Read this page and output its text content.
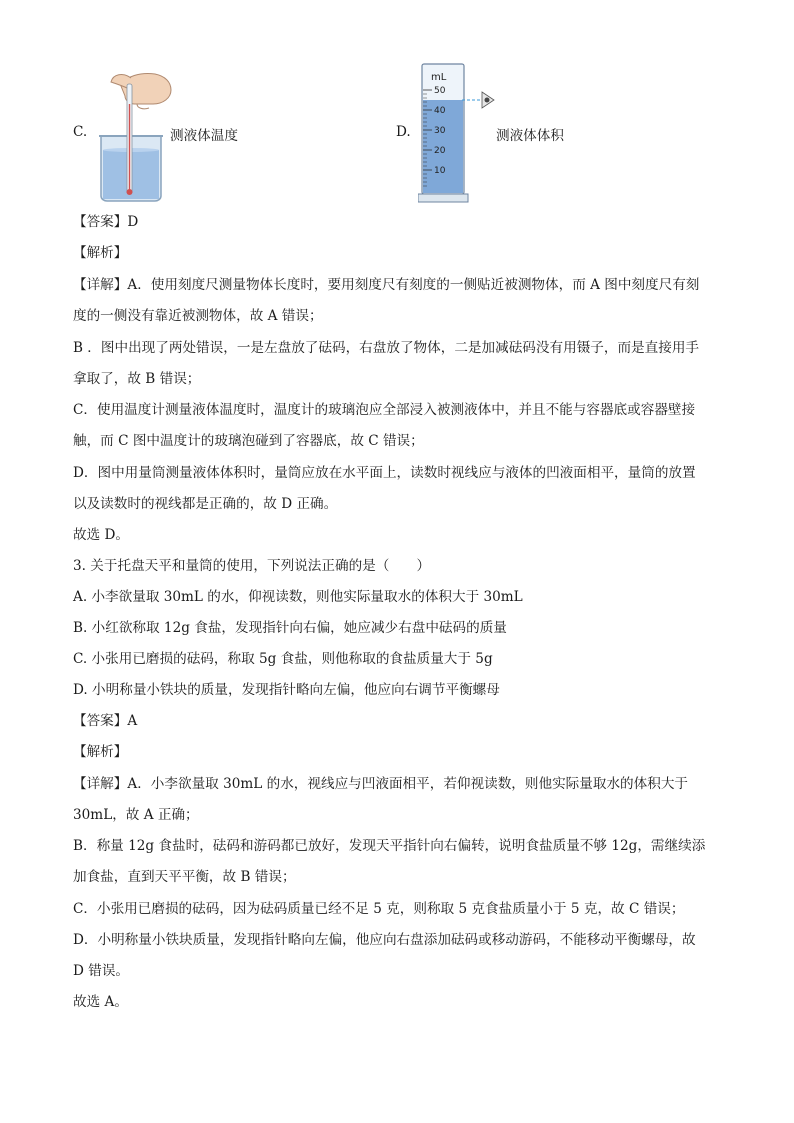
C.	测液体温度	D.
mL
50
40
30
20
10
测液体体积
【答案】D
【解析】
【详解】A．使用刻度尺测量物体长度时，要用刻度尺有刻度的一侧贴近被测物体，而 A 图中刻度尺有刻
度的一侧没有靠近被测物体，故 A 错误；
B ．图中出现了两处错误，一是左盘放了砝码，右盘放了物体，二是加减砝码没有用镊子，而是直接用手
拿取了，故 B 错误；
C．使用温度计测量液体温度时，温度计的玻璃泡应全部浸入被测液体中，并且不能与容器底或容器壁接
触，而 C 图中温度计的玻璃泡碰到了容器底，故 C 错误；
D．图中用量筒测量液体体积时，量筒应放在水平面上，读数时视线应与液体的凹液面相平，量筒的放置
以及读数时的视线都是正确的，故 D 正确。
故选 D。
3. 关于托盘天平和量筒的使用，下列说法正确的是（　　）
A. 小李欲量取 30mL 的水，仰视读数，则他实际量取水的体积大于 30mL
B. 小红欲称取 12g 食盐，发现指针向右偏，她应减少右盘中砝码的质量
C. 小张用已磨损的砝码，称取 5g 食盐，则他称取的食盐质量大于 5g
D. 小明称量小铁块的质量，发现指针略向左偏，他应向右调节平衡螺母
【答案】A
【解析】
【详解】A．小李欲量取 30mL 的水，视线应与凹液面相平，若仰视读数，则他实际量取水的体积大于
30mL，故 A 正确；
B．称量 12g 食盐时，砝码和游码都已放好，发现天平指针向右偏转，说明食盐质量不够 12g，需继续添
加食盐，直到天平平衡，故 B 错误；
C．小张用已磨损的砝码，因为砝码质量已经不足 5 克，则称取 5 克食盐质量小于 5 克，故 C 错误；
D．小明称量小铁块质量，发现指针略向左偏，他应向右盘添加砝码或移动游码，不能移动平衡螺母，故
D 错误。
故选 A。
